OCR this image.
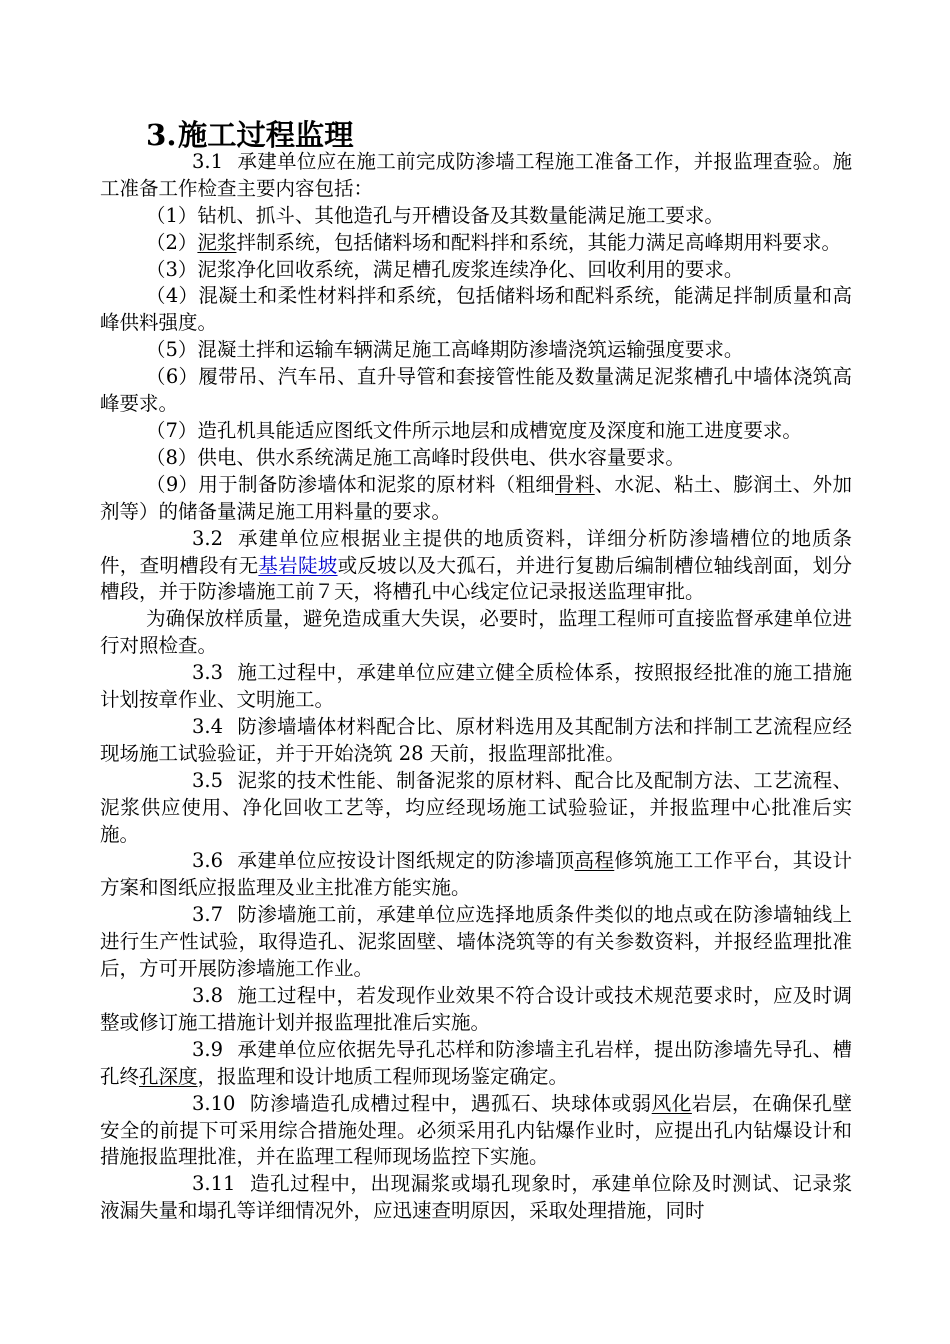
3.施工过程监理

3.1 承建单位应在施工前完成防渗墙工程施工准备工作，并报监理查验。施工准备工作检查主要内容包括：

（1）钻机、抓斗、其他造孔与开槽设备及其数量能满足施工要求。

（2）泥浆拌制系统，包括储料场和配料拌和系统，其能力满足高峰期用料要求。

（3）泥浆净化回收系统，满足槽孔废浆连续净化、回收利用的要求。

（4）混凝土和柔性材料拌和系统，包括储料场和配料系统，能满足拌制质量和高峰供料强度。

（5）混凝土拌和运输车辆满足施工高峰期防渗墙浇筑运输强度要求。

（6）履带吊、汽车吊、直升导管和套接管性能及数量满足泥浆槽孔中墙体浇筑高峰要求。

（7）造孔机具能适应图纸文件所示地层和成槽宽度及深度和施工进度要求。

（8）供电、供水系统满足施工高峰时段供电、供水容量要求。

（9）用于制备防渗墙体和泥浆的原材料（粗细骨料、水泥、粘土、膨润土、外加剂等）的储备量满足施工用料量的要求。

3.2 承建单位应根据业主提供的地质资料，详细分析防渗墙槽位的地质条件，查明槽段有无基岩陡坡或反坡以及大孤石，并进行复勘后编制槽位轴线剖面，划分槽段，并于防渗墙施工前７天，将槽孔中心线定位记录报送监理审批。

为确保放样质量，避免造成重大失误，必要时，监理工程师可直接监督承建单位进行对照检查。

3.3 施工过程中，承建单位应建立健全质检体系，按照报经批准的施工措施计划按章作业、文明施工。

3.4 防渗墙墙体材料配合比、原材料选用及其配制方法和拌制工艺流程应经现场施工试验验证，并于开始浇筑 28 天前，报监理部批准。

3.5 泥浆的技术性能、制备泥浆的原材料、配合比及配制方法、工艺流程、泥浆供应使用、净化回收工艺等，均应经现场施工试验验证，并报监理中心批准后实施。

3.6 承建单位应按设计图纸规定的防渗墙顶高程修筑施工工作平台，其设计方案和图纸应报监理及业主批准方能实施。

3.7 防渗墙施工前，承建单位应选择地质条件类似的地点或在防渗墙轴线上进行生产性试验，取得造孔、泥浆固壁、墙体浇筑等的有关参数资料，并报经监理批准后，方可开展防渗墙施工作业。

3.8 施工过程中，若发现作业效果不符合设计或技术规范要求时，应及时调整或修订施工措施计划并报监理批准后实施。

3.9 承建单位应依据先导孔芯样和防渗墙主孔岩样，提出防渗墙先导孔、槽孔终孔深度，报监理和设计地质工程师现场鉴定确定。

3.10 防渗墙造孔成槽过程中，遇孤石、块球体或弱风化岩层，在确保孔壁安全的前提下可采用综合措施处理。必须采用孔内钻爆作业时，应提出孔内钻爆设计和措施报监理批准，并在监理工程师现场监控下实施。

3.11 造孔过程中，出现漏浆或塌孔现象时，承建单位除及时测试、记录浆液漏失量和塌孔等详细情况外，应迅速查明原因，采取处理措施，同时
